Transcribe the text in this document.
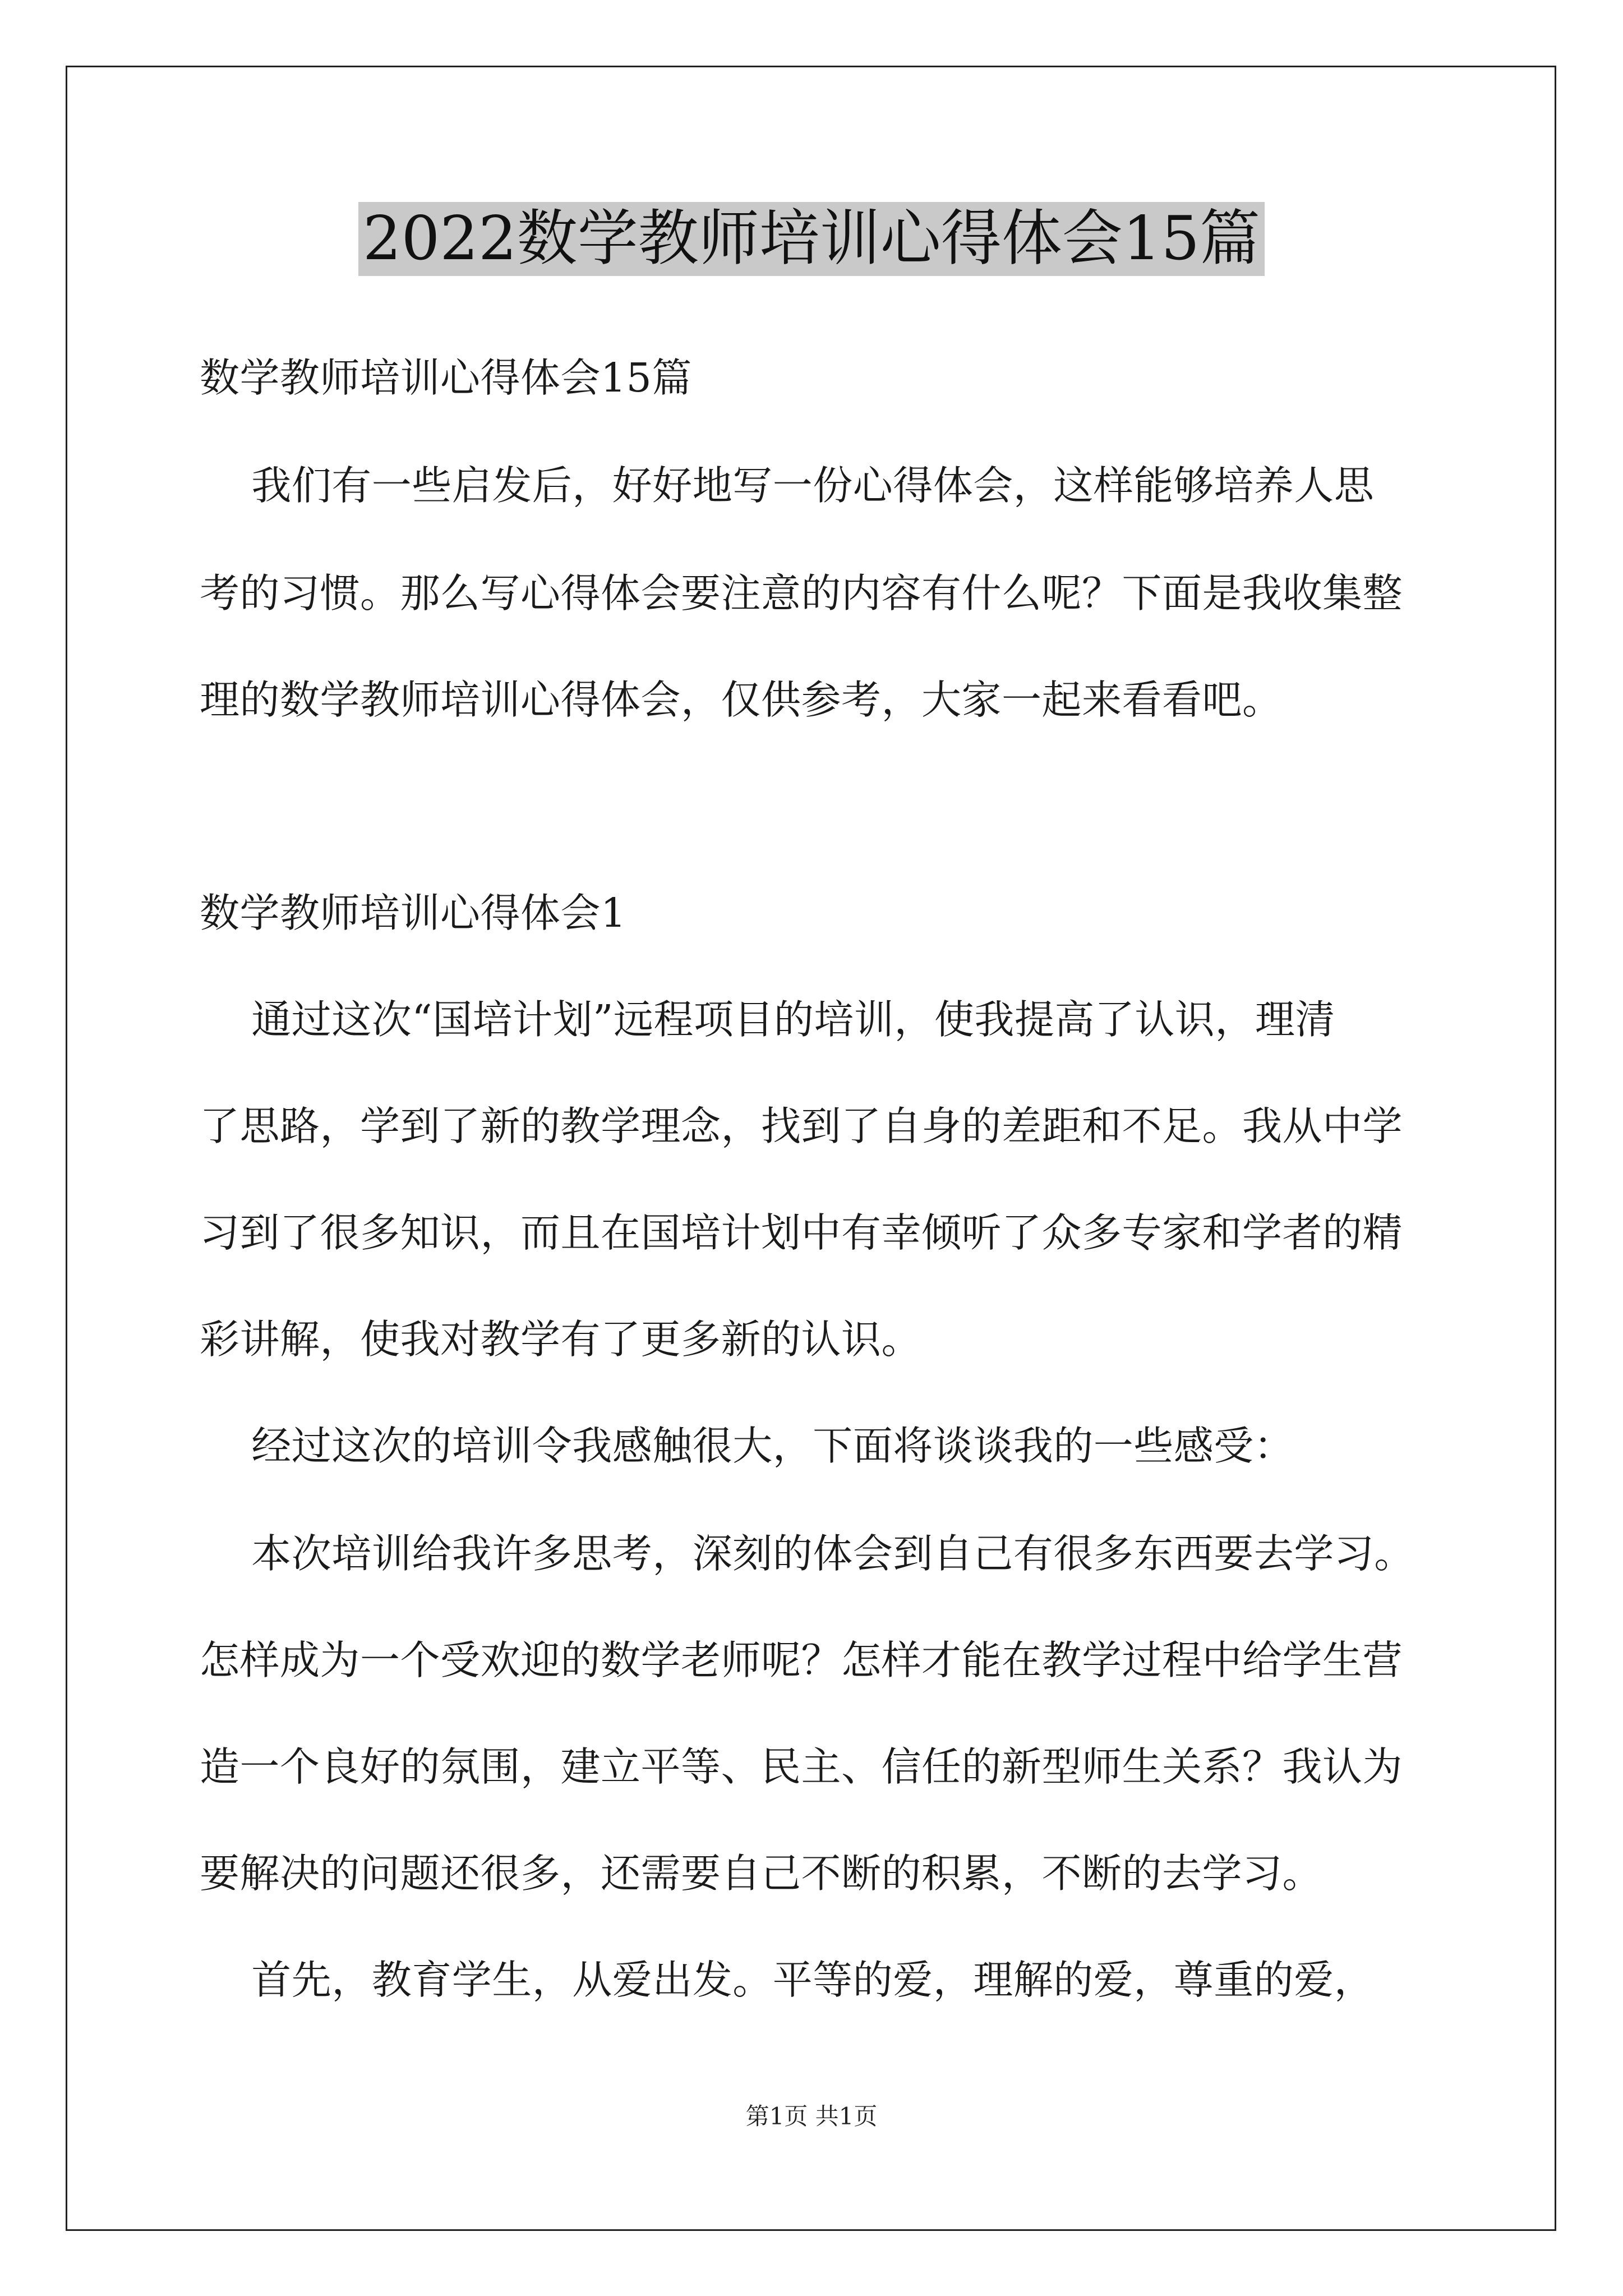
2022数学教师培训心得体会15篇
数学教师培训心得体会15篇
我们有一些启发后，好好地写一份心得体会，这样能够培养人思
考的习惯。那么写心得体会要注意的内容有什么呢？下面是我收集整
理的数学教师培训心得体会，仅供参考，大家一起来看看吧。
数学教师培训心得体会1
通过这次“国培计划”远程项目的培训，使我提高了认识，理清
了思路，学到了新的教学理念，找到了自身的差距和不足。我从中学
习到了很多知识，而且在国培计划中有幸倾听了众多专家和学者的精
彩讲解，使我对教学有了更多新的认识。
经过这次的培训令我感触很大，下面将谈谈我的一些感受：
本次培训给我许多思考，深刻的体会到自己有很多东西要去学习。
怎样成为一个受欢迎的数学老师呢？怎样才能在教学过程中给学生营
造一个良好的氛围，建立平等、民主、信任的新型师生关系？我认为
要解决的问题还很多，还需要自己不断的积累，不断的去学习。
首先，教育学生，从爱出发。平等的爱，理解的爱，尊重的爱，
第1页 共1页
